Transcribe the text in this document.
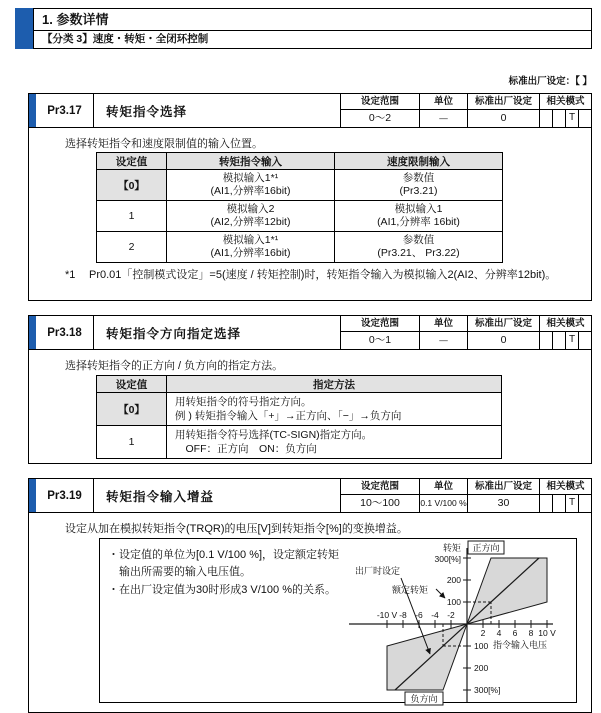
1. 参数详情
【分类 3】速度・转矩・全闭环控制
标准出厂设定：【 】
Pr3.17	转矩指令选择
设定范围
0～2
单位
—
标准出厂设定
0
相关模式
T
选择转矩指令和速度限制值的输入位置。
设定值	转矩指令输入	速度限制输入
【0】	
模拟输入1*¹
(AI1,分辨率16bit)

参数值
(Pr3.21)

1	
模拟输入2
(AI2,分辨率12bit)

模拟输入1
(AI1,分辨率 16bit)

2	
模拟输入1*¹
(AI1,分辨率16bit)

参数值
(Pr3.21、 Pr3.22)
*1	Pr0.01「控制模式设定」=5(速度 / 转矩控制)时，转矩指令输入为模拟输入2(AI2、分辨率12bit)。
Pr3.18	转矩指令方向指定选择
设定范围
0～1
单位
—
标准出厂设定
0
相关模式
T
选择转矩指令的正方向 / 负方向的指定方法。
设定值	指定方法
【0】	用转矩指令的符号指定方向。
例 ) 转矩指令输入「+」→正方向、「−」→负方向

1	用转矩指令符号选择(TC-SIGN)指定方向。
　OFF：正方向　ON：负方向
Pr3.19	转矩指令输入增益
设定范围
10～100
单位
0.1 V/100 %
标准出厂设定
30
相关模式
T
设定从加在模拟转矩指令(TRQR)的电压[V]到转矩指令[%]的变换增益。
・设定值的单位为[0.1 V/100 %]，设定额定转矩输出所需要的输入电压值。
・在出厂设定值为30时形成3 V/100 %的关系。
转矩
300[%]
200
100
100
200
300[%]
-10 V -8 -6 -4 -2
2 4 6 8 10 V
指令输入电压
正方向
负方向
出厂时设定
额定转矩
